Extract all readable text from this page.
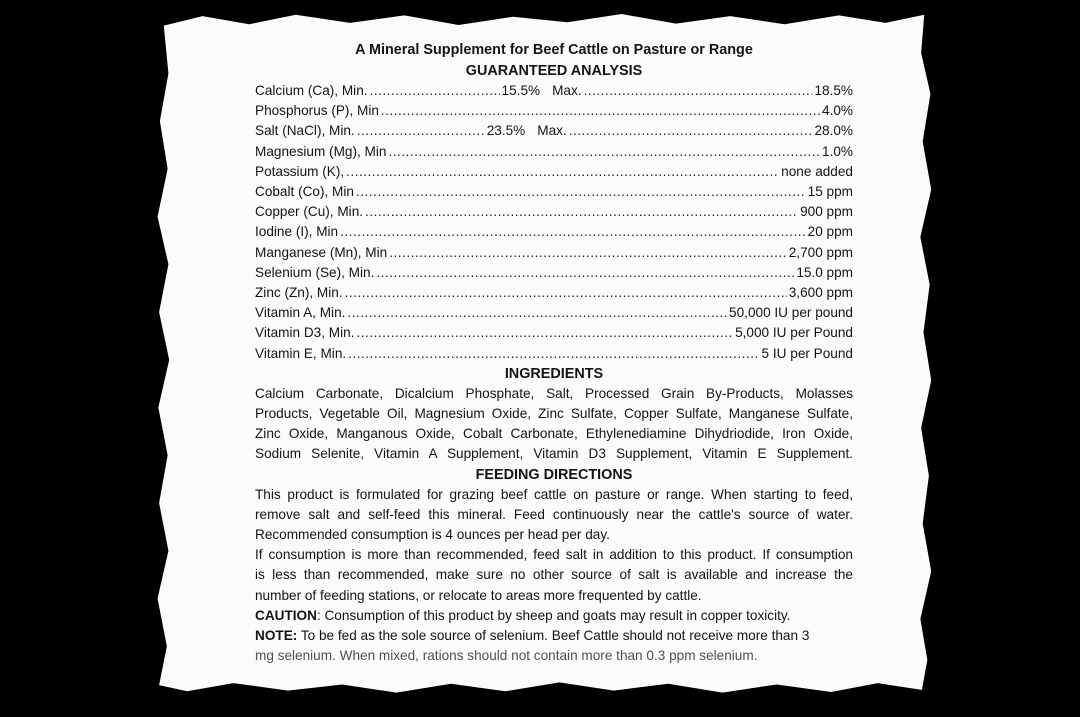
A Mineral Supplement for Beef Cattle on Pasture or Range
GUARANTEED ANALYSIS
Calcium (Ca), Min. .....	15.5% Max. .....	18.5%
Phosphorus (P), Min .....	4.0%
Salt (NaCl), Min. .....	23.5% Max. .....	28.0%
Magnesium (Mg), Min .....	1.0%
Potassium (K), .....	none added
Cobalt (Co), Min .....	15 ppm
Copper (Cu), Min. .....	900 ppm
Iodine (I), Min .....	20 ppm
Manganese (Mn), Min .....	2,700 ppm
Selenium (Se), Min. .....	15.0 ppm
Zinc (Zn), Min. .....	3,600 ppm
Vitamin A, Min. .....	50,000 IU per pound
Vitamin D3, Min. .....	5,000 IU per Pound
Vitamin E, Min. .....	5 IU per Pound
INGREDIENTS
Calcium Carbonate, Dicalcium Phosphate, Salt, Processed Grain By-Products, Molasses
Products, Vegetable Oil, Magnesium Oxide, Zinc Sulfate, Copper Sulfate, Manganese Sulfate,
Zinc Oxide, Manganous Oxide, Cobalt Carbonate, Ethylenediamine Dihydriodide, Iron Oxide,
Sodium Selenite, Vitamin A Supplement, Vitamin D3 Supplement, Vitamin E Supplement.
FEEDING DIRECTIONS
This product is formulated for grazing beef cattle on pasture or range. When starting to feed,
remove salt and self-feed this mineral. Feed continuously near the cattle's source of water.
Recommended consumption is 4 ounces per head per day.
If consumption is more than recommended, feed salt in addition to this product. If consumption
is less than recommended, make sure no other source of salt is available and increase the
number of feeding stations, or relocate to areas more frequented by cattle.
CAUTION: Consumption of this product by sheep and goats may result in copper toxicity.
NOTE: To be fed as the sole source of selenium. Beef Cattle should not receive more than 3
mg selenium. When mixed, rations should not contain more than 0.3 ppm selenium.
